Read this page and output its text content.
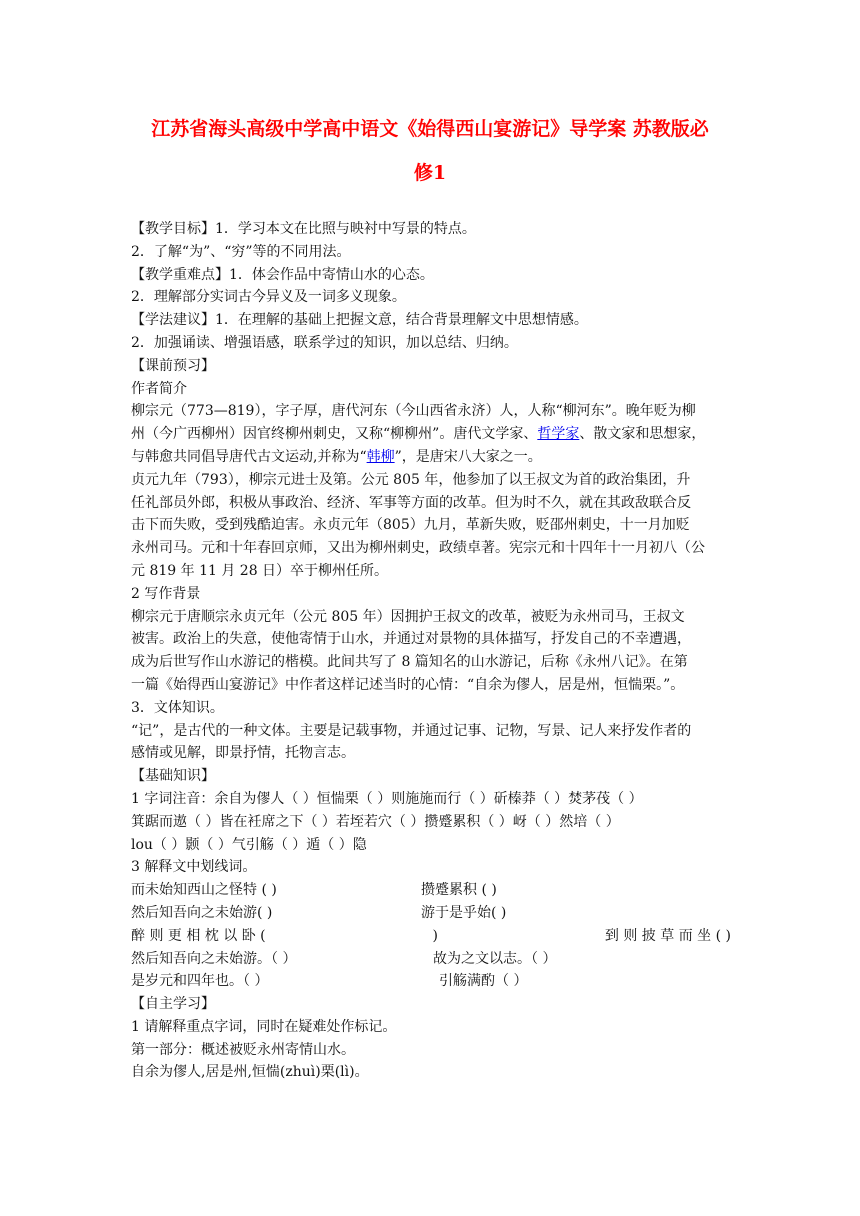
江苏省海头高级中学高中语文《始得西山宴游记》导学案 苏教版必
修1
【教学目标】1．学习本文在比照与映衬中写景的特点。
2．了解“为”、“穷”等的不同用法。
【教学重难点】1．体会作品中寄情山水的心态。
2．理解部分实词古今异义及一词多义现象。
【学法建议】1．在理解的基础上把握文意，结合背景理解文中思想情感。
2．加强诵读、增强语感，联系学过的知识，加以总结、归纳。
【课前预习】
作者简介
柳宗元（773—819），字子厚，唐代河东（今山西省永济）人，人称“柳河东”。晚年贬为柳
州（今广西柳州）因官终柳州刺史，又称“柳柳州”。唐代文学家、哲学家、散文家和思想家，
与韩愈共同倡导唐代古文运动,并称为“韩柳”，是唐宋八大家之一。
贞元九年（793），柳宗元进士及第。公元 805 年，他参加了以王叔文为首的政治集团，升
任礼部员外郎，积极从事政治、经济、军事等方面的改革。但为时不久，就在其政敌联合反
击下而失败，受到残酷迫害。永贞元年（805）九月，革新失败，贬邵州刺史，十一月加贬
永州司马。元和十年春回京师，又出为柳州刺史，政绩卓著。宪宗元和十四年十一月初八（公
元 819 年 11 月 28 日）卒于柳州任所。
2 写作背景
柳宗元于唐顺宗永贞元年（公元 805 年）因拥护王叔文的改革，被贬为永州司马，王叔文
被害。政治上的失意，使他寄情于山水，并通过对景物的具体描写，抒发自己的不幸遭遇，
成为后世写作山水游记的楷模。此间共写了 8 篇知名的山水游记，后称《永州八记》。在第
一篇《始得西山宴游记》中作者这样记述当时的心情：“自余为僇人，居是州，恒惴栗。”。
3．文体知识。
“记”，是古代的一种文体。主要是记载事物，并通过记事、记物，写景、记人来抒发作者的
感情或见解，即景抒情，托物言志。
【基础知识】
1 字词注音：余自为僇人（ ）恒惴栗（ ）则施施而行（ ）斫榛莽（ ）焚茅茷（ ）
箕踞而遨（ ）皆在衽席之下（ ）若垤若穴（ ）攒蹙累积（ ）岈（ ）然培（ ）
lou（ ）颢（ ）气引觞（ ）遁（ ）隐
3 解释文中划线词。
而未始知西山之怪特 ( )	攒蹙累积 ( )
然后知吾向之未始游( )	游于是乎始( )
醉 则 更 相 枕 以 卧 (	)	到 则 披 草 而 坐 ( )
然后知吾向之未始游。（ ）	故为之文以志。（ ）
是岁元和四年也。（ ）	引觞满酌（ ）
【自主学习】
1 请解释重点字词，同时在疑难处作标记。
第一部分：概述被贬永州寄情山水。
自余为僇人,居是州,恒惴(zhuì)栗(lì)。
